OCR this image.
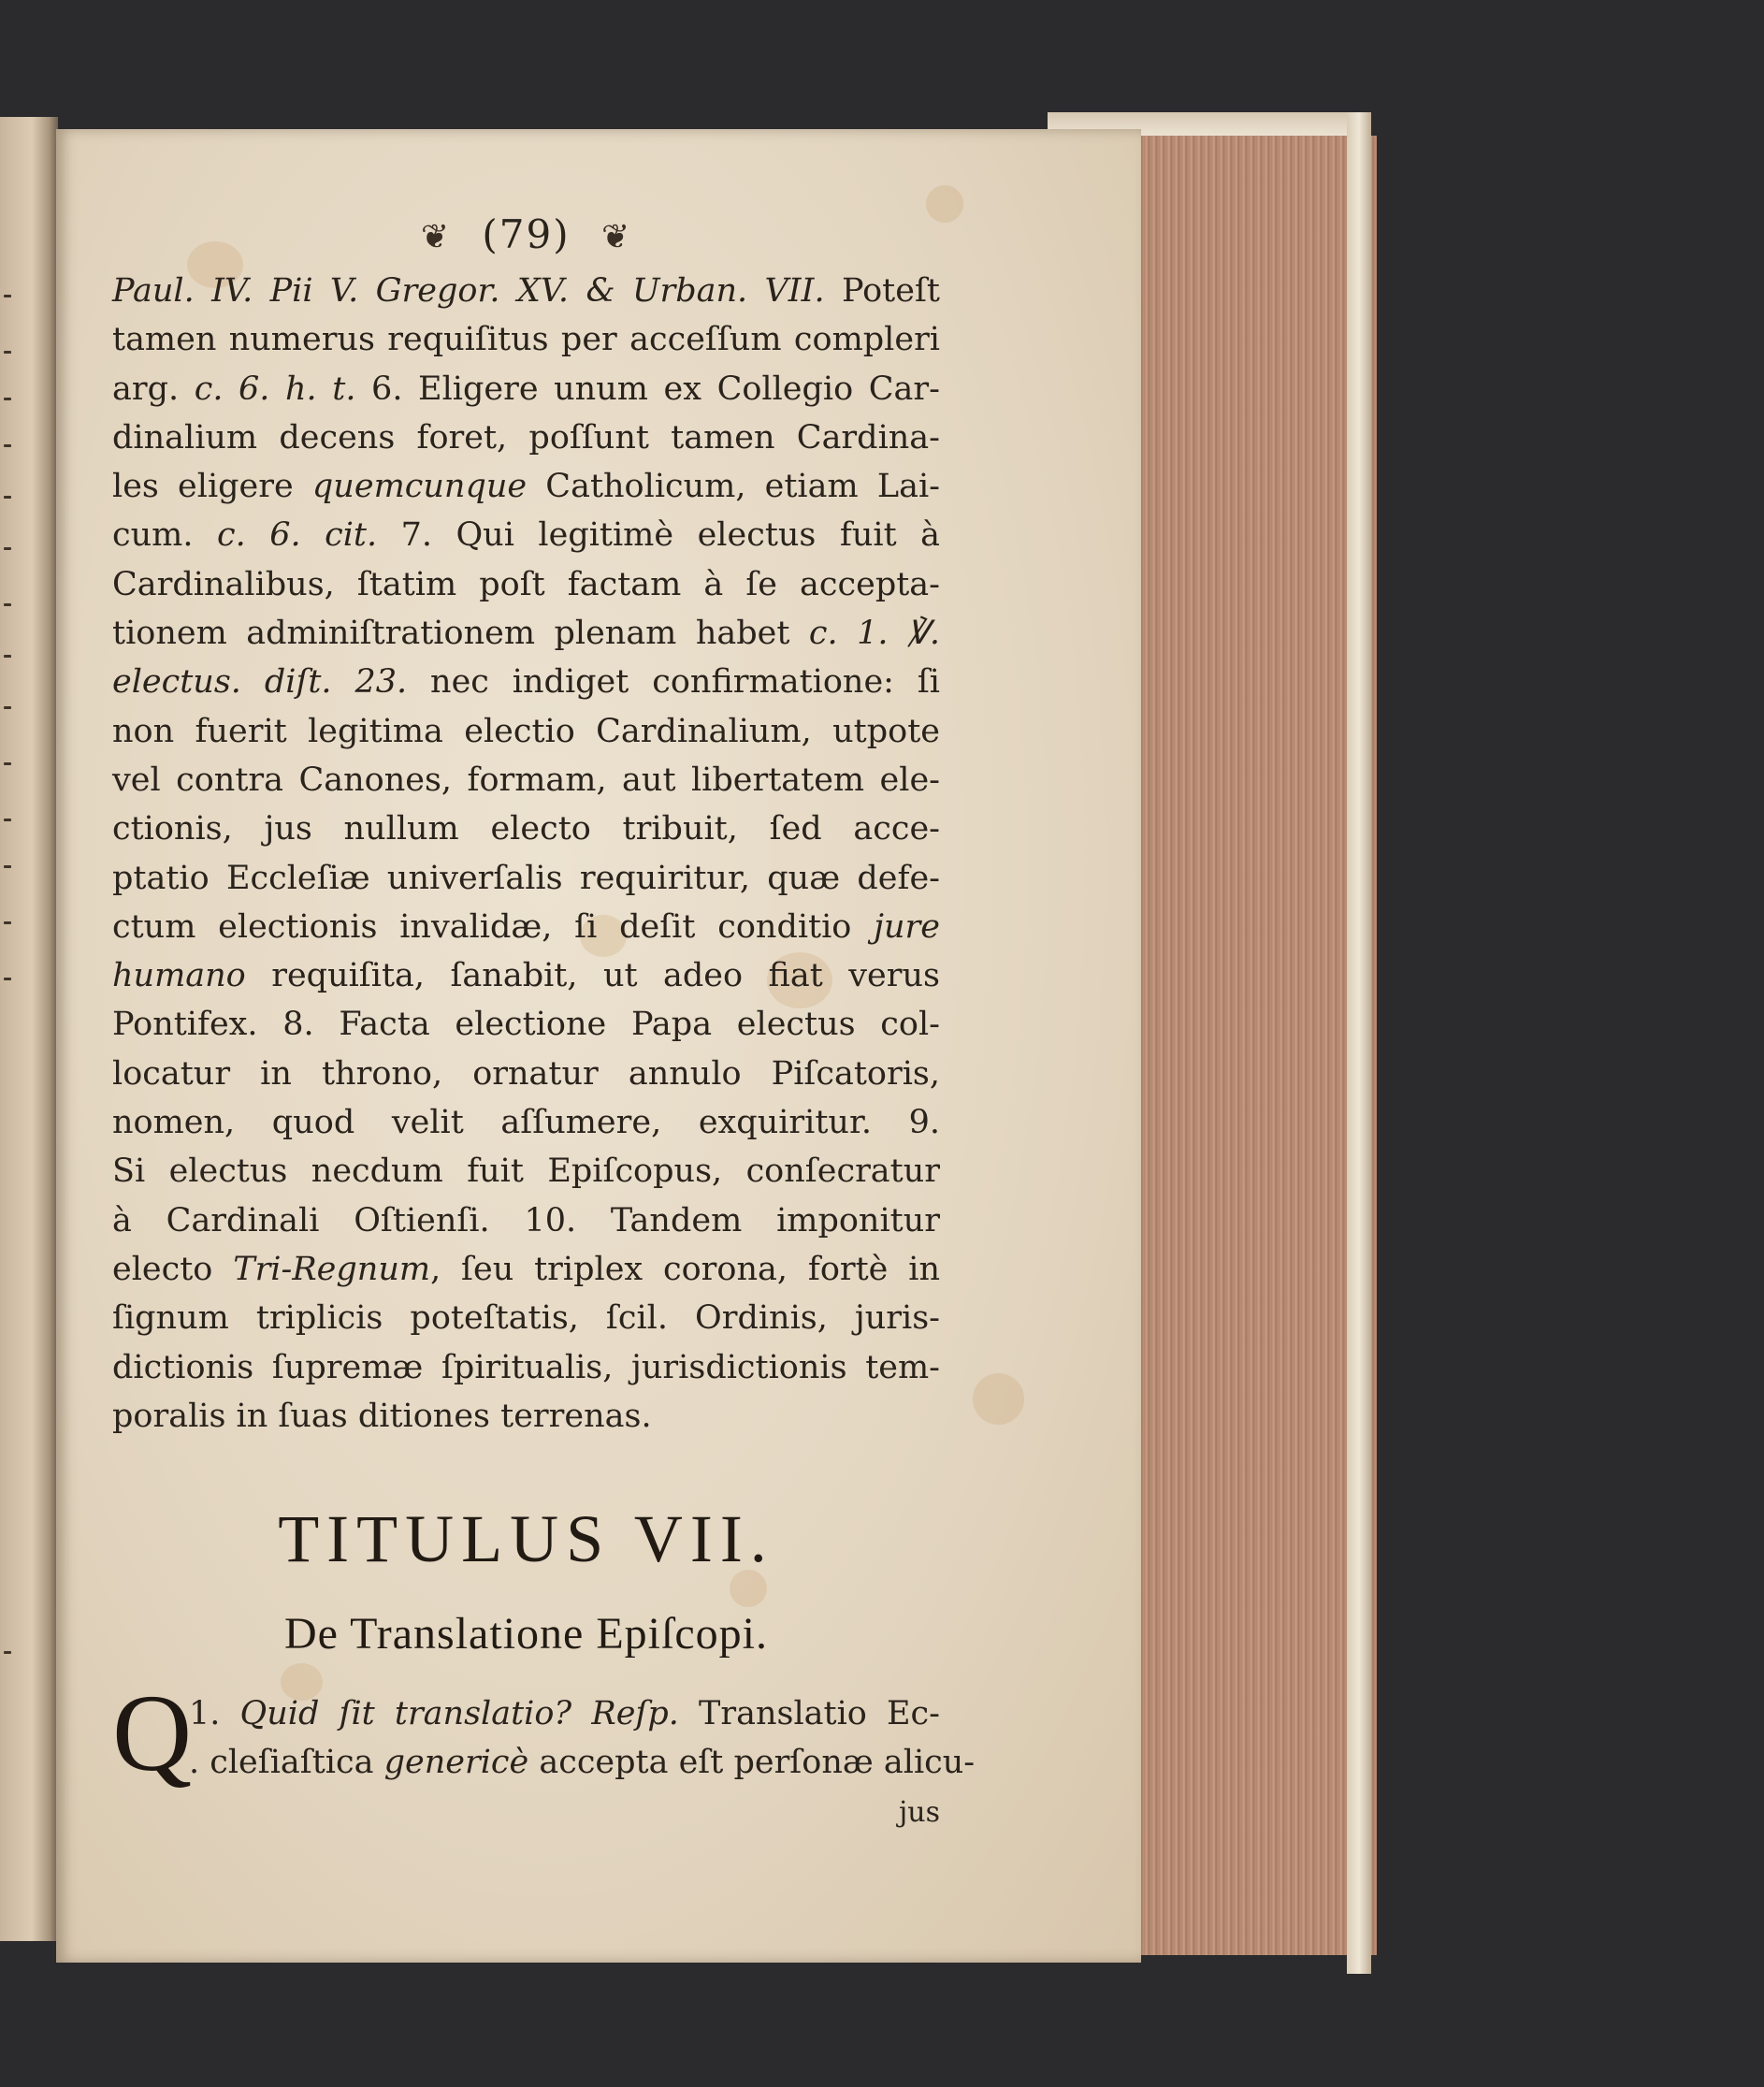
❦ (79) ❦
Paul. IV. Pii V. Gregor. XV. & Urban. VII. Poteſt
tamen numerus requiſitus per acceſſum compleri
arg. c. 6. h. t. 6. Eligere unum ex Collegio Car-
dinalium decens foret, poſſunt tamen Cardina-
les eligere quemcunque Catholicum, etiam Lai-
cum. c. 6. cit. 7. Qui legitimè electus fuit à
Cardinalibus, ſtatim poſt factam à ſe accepta-
tionem adminiſtrationem plenam habet c. 1. ℣.
electus. diſt. 23. nec indiget confirmatione: ſi
non fuerit legitima electio Cardinalium, utpote
vel contra Canones, formam, aut libertatem ele-
ctionis, jus nullum electo tribuit, ſed acce-
ptatio Eccleſiæ univerſalis requiritur, quæ defe-
ctum electionis invalidæ, ſi deſit conditio jure
humano requiſita, ſanabit, ut adeo fiat verus
Pontifex. 8. Facta electione Papa electus col-
locatur in throno, ornatur annulo Piſcatoris,
nomen, quod velit aſſumere, exquiritur. 9.
Si electus necdum fuit Epiſcopus, conſecratur
à Cardinali Oſtienſi. 10. Tandem imponitur
electo Tri-Regnum, ſeu triplex corona, fortè in
ſignum triplicis poteſtatis, ſcil. Ordinis, juris-
dictionis ſupremæ ſpiritualis, jurisdictionis tem-
poralis in ſuas ditiones terrenas.
TITULUS VII.
De Translatione Epiſcopi.
Q
1. Quid ſit translatio? Reſp. Translatio Ec-
. cleſiaſtica genericè accepta eſt perſonæ alicu-
jus
